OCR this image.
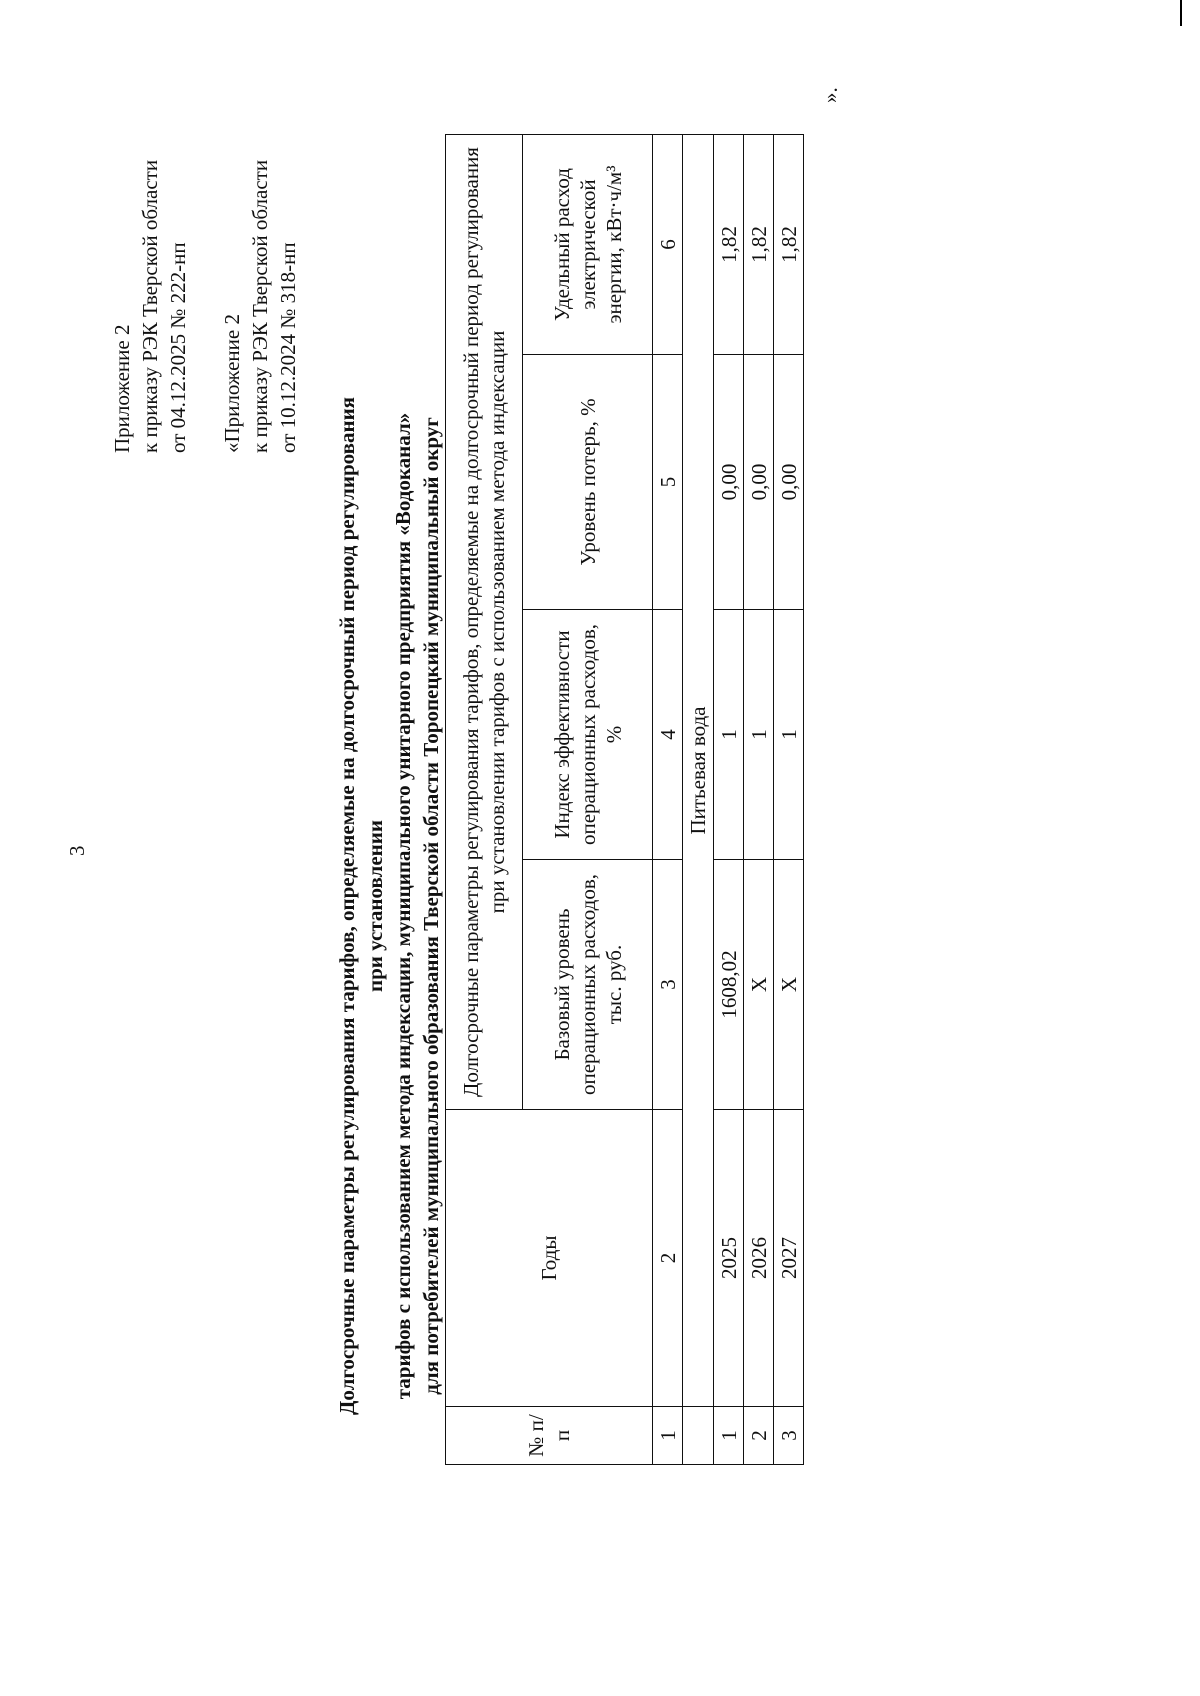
3
Приложение 2 к приказу РЭК Тверской области от 04.12.2025 № 222-нп «Приложение 2 к приказу РЭК Тверской области от 10.12.2024 № 318-нп
Долгосрочные параметры регулирования тарифов, определяемые на долгосрочный период регулирования при установлении тарифов с использованием метода индексации, муниципального унитарного предприятия «Водоканал» для потребителей муниципального образования Тверской области Торопецкий муниципальный округ
№ п/п	Годы	Долгосрочные параметры регулирования тарифов, определяемые на долгосрочный период регулирования при установлении тарифов с использованием метода индексации			
		Базовый уровень операционных расходов, тыс. руб.	Индекс эффективности операционных расходов, %	Уровень потерь, %	Удельный расход электрической энергии, кВт·ч/м³
1	2	3	4	5	6
	Питьевая вода				
1	2025	1608,02	1	0,00	1,82
2	2026	X	1	0,00	1,82
3	2027	X	1	0,00	1,82
».
